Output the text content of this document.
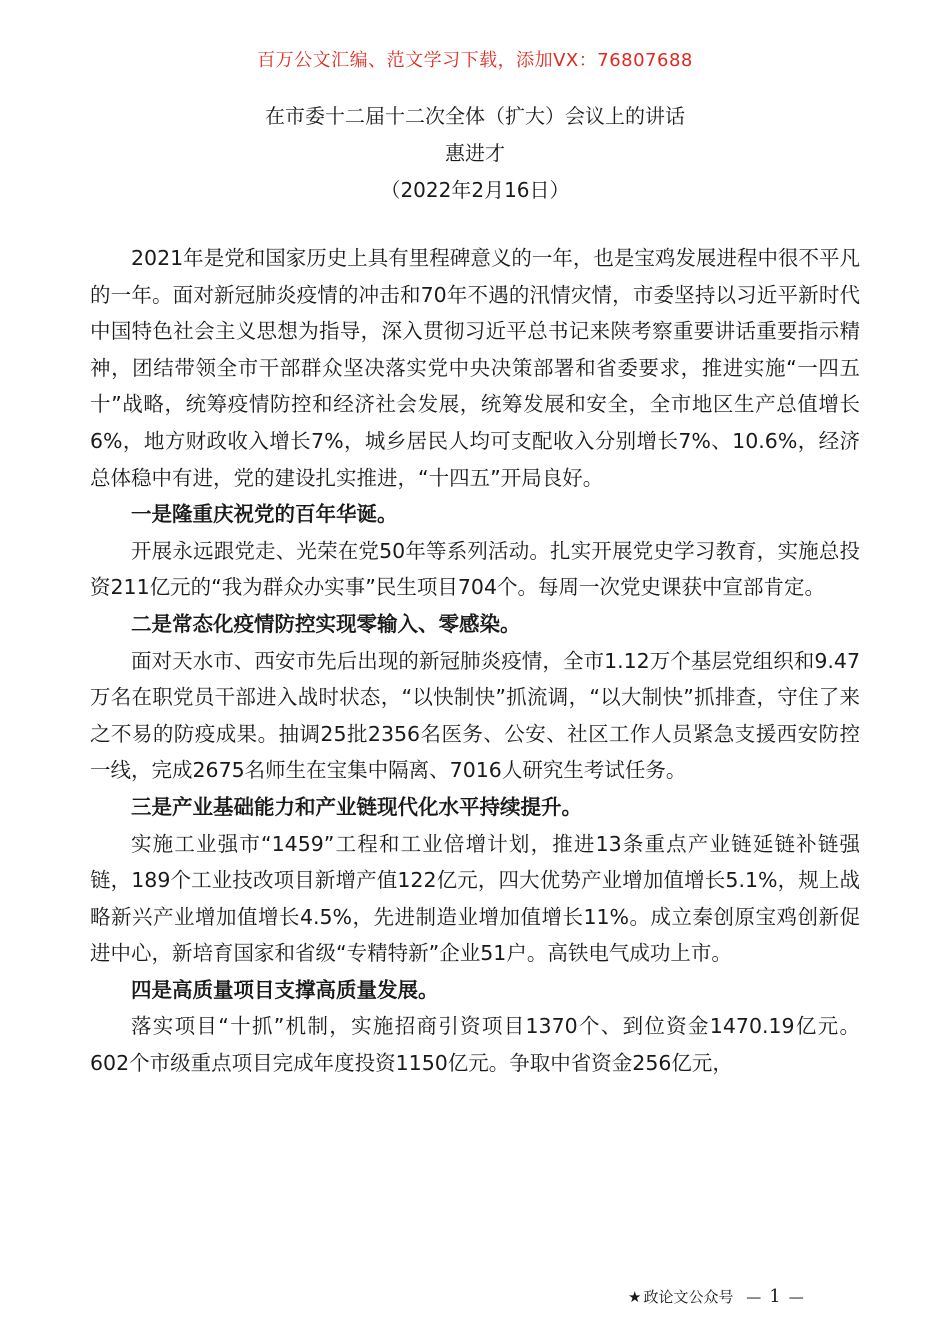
百万公文汇编、范文学习下载，添加VX：76807688
在市委十二届十二次全体（扩大）会议上的讲话
惠进才
（2022年2月16日）

2021年是党和国家历史上具有里程碑意义的一年，也是宝鸡发展进程中很不平凡的一年。面对新冠肺炎疫情的冲击和70年不遇的汛情灾情，市委坚持以习近平新时代中国特色社会主义思想为指导，深入贯彻习近平总书记来陕考察重要讲话重要指示精神，团结带领全市干部群众坚决落实党中央决策部署和省委要求，推进实施“一四五十”战略，统筹疫情防控和经济社会发展，统筹发展和安全，全市地区生产总值增长6%，地方财政收入增长7%，城乡居民人均可支配收入分别增长7%、10.6%，经济总体稳中有进，党的建设扎实推进，“十四五”开局良好。

一是隆重庆祝党的百年华诞。

开展永远跟党走、光荣在党50年等系列活动。扎实开展党史学习教育，实施总投资211亿元的“我为群众办实事”民生项目704个。每周一次党史课获中宣部肯定。

二是常态化疫情防控实现零输入、零感染。

面对天水市、西安市先后出现的新冠肺炎疫情，全市1.12万个基层党组织和9.47万名在职党员干部进入战时状态，“以快制快”抓流调，“以大制快”抓排查，守住了来之不易的防疫成果。抽调25批2356名医务、公安、社区工作人员紧急支援西安防控一线，完成2675名师生在宝集中隔离、7016人研究生考试任务。

三是产业基础能力和产业链现代化水平持续提升。

实施工业强市“1459”工程和工业倍增计划，推进13条重点产业链延链补链强链，189个工业技改项目新增产值122亿元，四大优势产业增加值增长5.1%，规上战略新兴产业增加值增长4.5%，先进制造业增加值增长11%。成立秦创原宝鸡创新促进中心，新培育国家和省级“专精特新”企业51户。高铁电气成功上市。

四是高质量项目支撑高质量发展。

落实项目“十抓”机制，实施招商引资项目1370个、到位资金1470.19亿元。602个市级重点项目完成年度投资1150亿元。争取中省资金256亿元，

★ 政论文公众号 — 1 —
